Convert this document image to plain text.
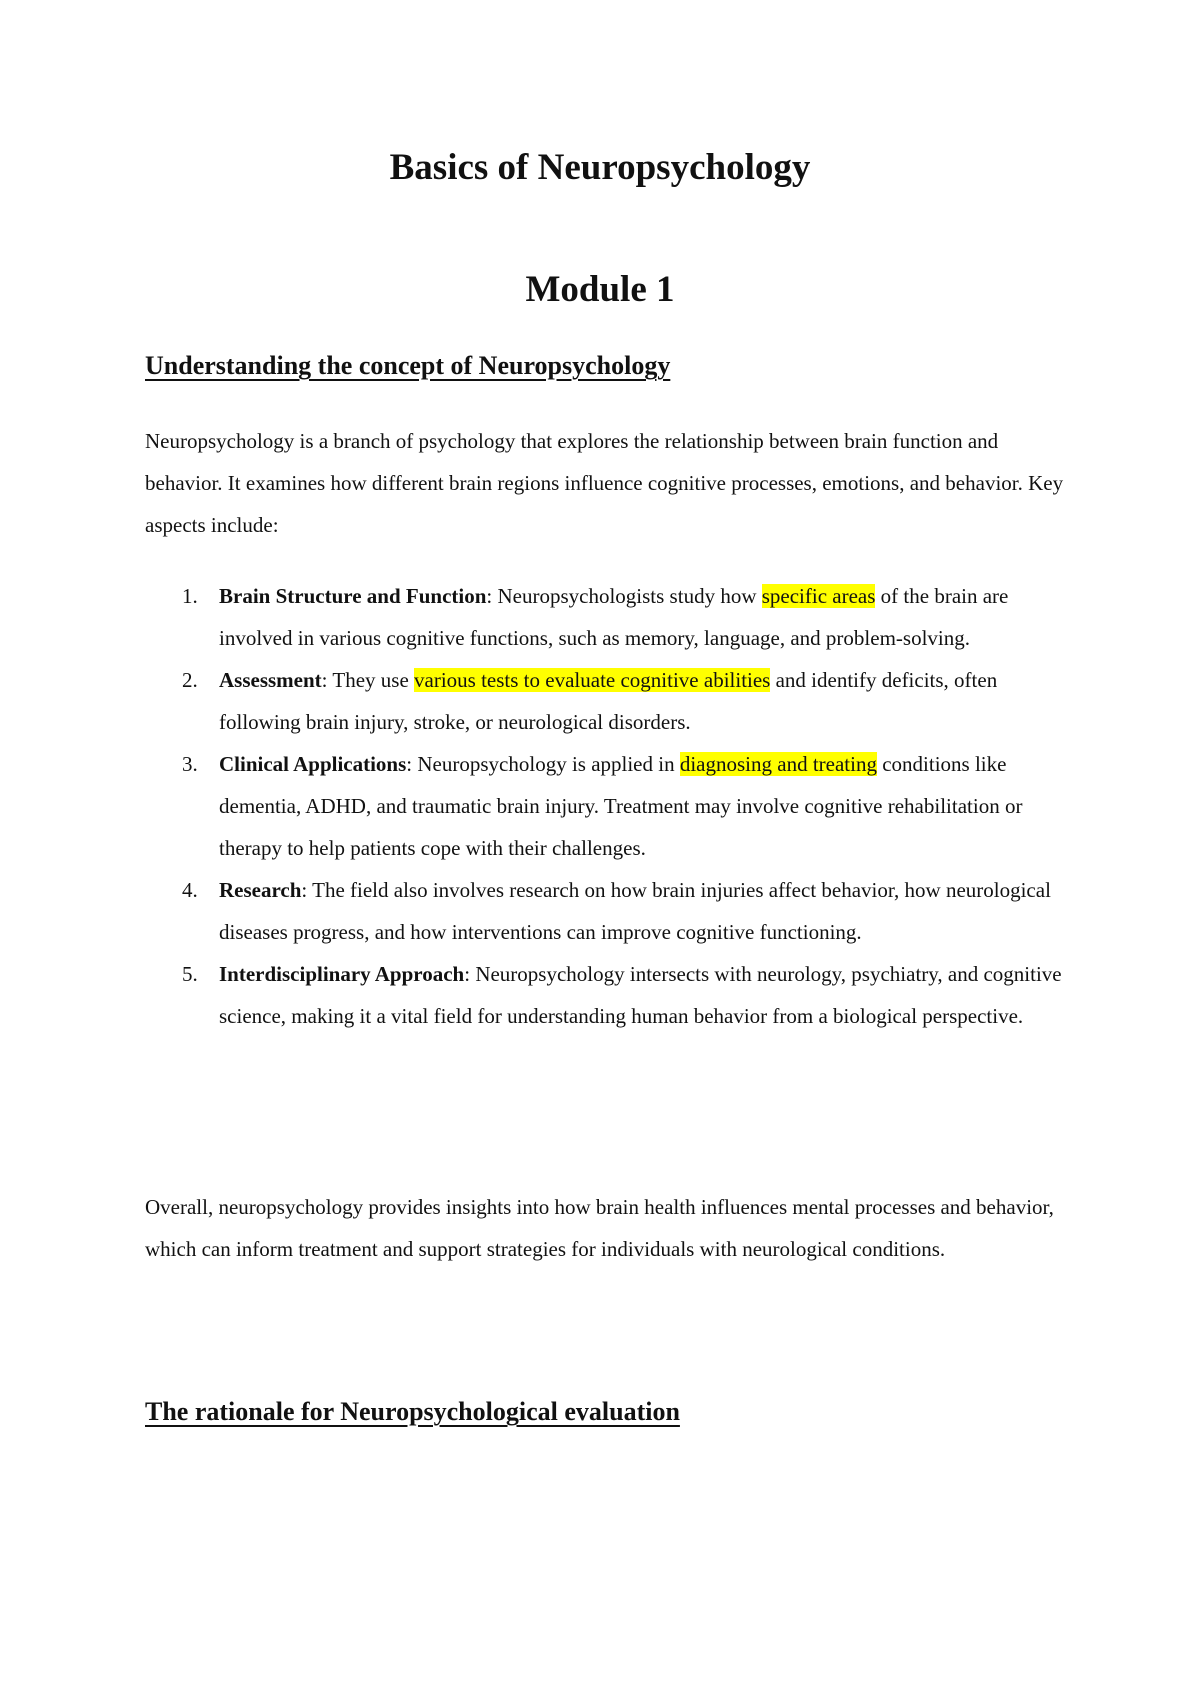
Basics of Neuropsychology
Module 1
Understanding the concept of Neuropsychology

Neuropsychology is a branch of psychology that explores the relationship between brain function and behavior. It examines how different brain regions influence cognitive processes, emotions, and behavior. Key aspects include:

1. Brain Structure and Function: Neuropsychologists study how specific areas of the brain are involved in various cognitive functions, such as memory, language, and problem-solving.
2. Assessment: They use various tests to evaluate cognitive abilities and identify deficits, often following brain injury, stroke, or neurological disorders.
3. Clinical Applications: Neuropsychology is applied in diagnosing and treating conditions like dementia, ADHD, and traumatic brain injury. Treatment may involve cognitive rehabilitation or therapy to help patients cope with their challenges.
4. Research: The field also involves research on how brain injuries affect behavior, how neurological diseases progress, and how interventions can improve cognitive functioning.
5. Interdisciplinary Approach: Neuropsychology intersects with neurology, psychiatry, and cognitive science, making it a vital field for understanding human behavior from a biological perspective.

Overall, neuropsychology provides insights into how brain health influences mental processes and behavior, which can inform treatment and support strategies for individuals with neurological conditions.

The rationale for Neuropsychological evaluation
